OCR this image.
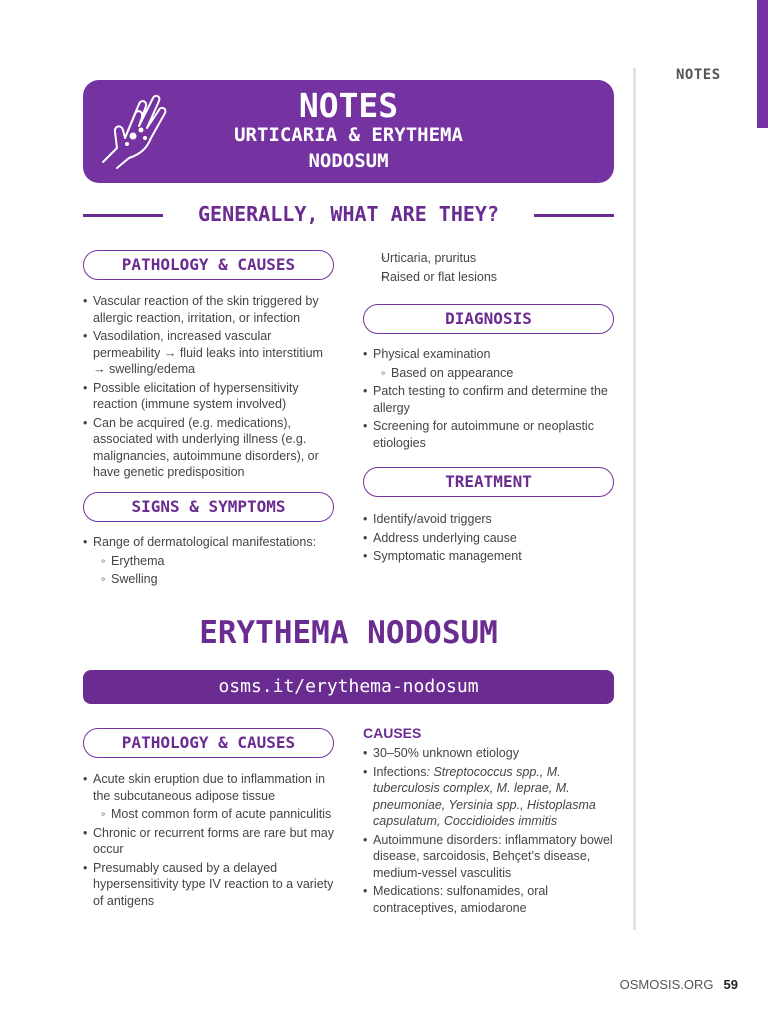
NOTES
NOTES
URTICARIA & ERYTHEMA
NODOSUM
GENERALLY, WHAT ARE THEY?
PATHOLOGY & CAUSES
• Vascular reaction of the skin triggered by allergic reaction, irritation, or infection
• Vasodilation, increased vascular permeability → fluid leaks into interstitium → swelling/edema
• Possible elicitation of hypersensitivity reaction (immune system involved)
• Can be acquired (e.g. medications), associated with underlying illness (e.g. malignancies, autoimmune disorders), or have genetic predisposition
SIGNS & SYMPTOMS
• Range of dermatological manifestations:
◦ Erythema
◦ Swelling
◦ Urticaria, pruritus
◦ Raised or flat lesions
DIAGNOSIS
• Physical examination
◦ Based on appearance
• Patch testing to confirm and determine the allergy
• Screening for autoimmune or neoplastic etiologies
TREATMENT
• Identify/avoid triggers
• Address underlying cause
• Symptomatic management
ERYTHEMA NODOSUM
osms.it/erythema-nodosum
PATHOLOGY & CAUSES
• Acute skin eruption due to inflammation in the subcutaneous adipose tissue
◦ Most common form of acute panniculitis
• Chronic or recurrent forms are rare but may occur
• Presumably caused by a delayed hypersensitivity type IV reaction to a variety of antigens
CAUSES
• 30–50% unknown etiology
• Infections: Streptococcus spp., M. tuberculosis complex, M. leprae, M. pneumoniae, Yersinia spp., Histoplasma capsulatum, Coccidioides immitis
• Autoimmune disorders: inflammatory bowel disease, sarcoidosis, Behçet’s disease, medium-vessel vasculitis
• Medications: sulfonamides, oral contraceptives, amiodarone
OSMOSIS.ORG 59
